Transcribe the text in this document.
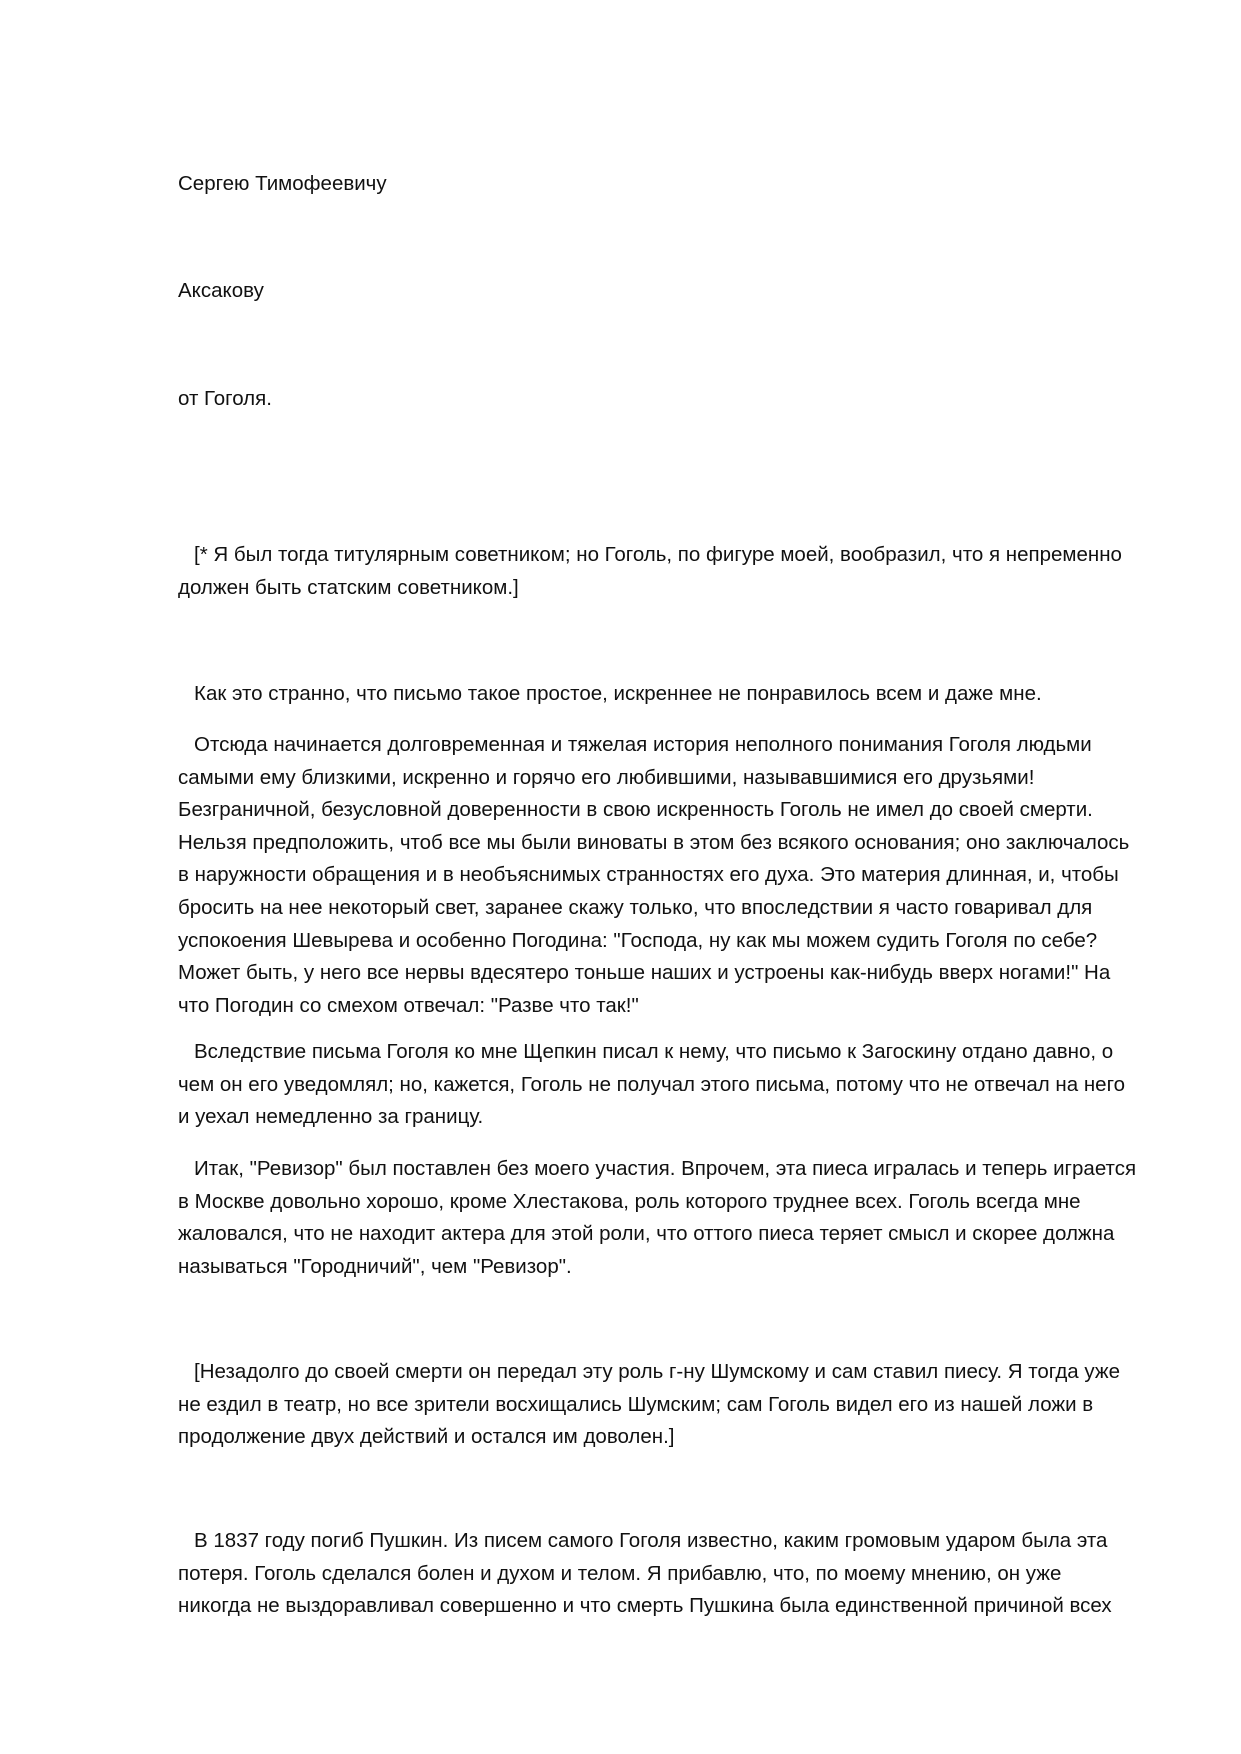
Сергею Тимофеевичу
Аксакову
от Гоголя.
[* Я был тогда титулярным советником; но Гоголь, по фигуре моей, вообразил, что я непременно
должен быть статским советником.]
Как это странно, что письмо такое простое, искреннее не понравилось всем и даже мне.
Отсюда начинается долговременная и тяжелая история неполного понимания Гоголя людьми
самыми ему близкими, искренно и горячо его любившими, называвшимися его друзьями!
Безграничной, безусловной доверенности в свою искренность Гоголь не имел до своей смерти.
Нельзя предположить, чтоб все мы были виноваты в этом без всякого основания; оно заключалось
в наружности обращения и в необъяснимых странностях его духа. Это материя длинная, и, чтобы
бросить на нее некоторый свет, заранее скажу только, что впоследствии я часто говаривал для
успокоения Шевырева и особенно Погодина: "Господа, ну как мы можем судить Гоголя по себе?
Может быть, у него все нервы вдесятеро тоньше наших и устроены как-нибудь вверх ногами!" На
что Погодин со смехом отвечал: "Разве что так!"
Вследствие письма Гоголя ко мне Щепкин писал к нему, что письмо к Загоскину отдано давно, о
чем он его уведомлял; но, кажется, Гоголь не получал этого письма, потому что не отвечал на него
и уехал немедленно за границу.
Итак, "Ревизор" был поставлен без моего участия. Впрочем, эта пиеса игралась и теперь играется
в Москве довольно хорошо, кроме Хлестакова, роль которого труднее всех. Гоголь всегда мне
жаловался, что не находит актера для этой роли, что оттого пиеса теряет смысл и скорее должна
называться "Городничий", чем "Ревизор".
[Незадолго до своей смерти он передал эту роль г-ну Шумскому и сам ставил пиесу. Я тогда уже
не ездил в театр, но все зрители восхищались Шумским; сам Гоголь видел его из нашей ложи в
продолжение двух действий и остался им доволен.]
В 1837 году погиб Пушкин. Из писем самого Гоголя известно, каким громовым ударом была эта
потеря. Гоголь сделался болен и духом и телом. Я прибавлю, что, по моему мнению, он уже
никогда не выздоравливал совершенно и что смерть Пушкина была единственной причиной всех
